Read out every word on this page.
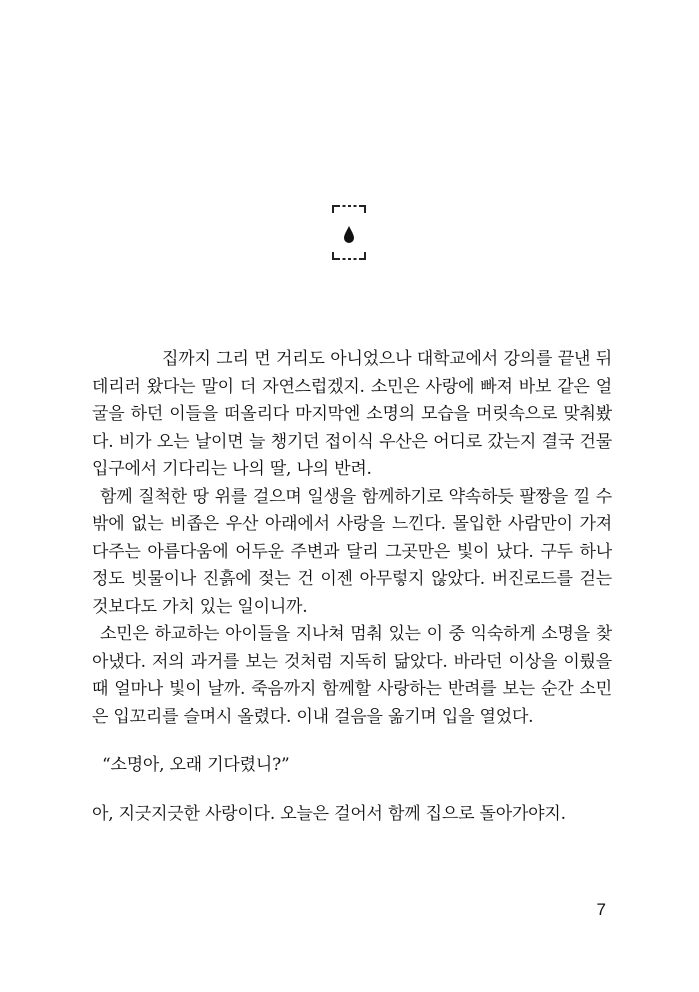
집까지 그리 먼 거리도 아니었으나 대학교에서 강의를 끝낸 뒤 데리러 왔다는 말이 더 자연스럽겠지. 소민은 사랑에 빠져 바보 같은 얼굴을 하던 이들을 떠올리다 마지막엔 소명의 모습을 머릿속으로 맞춰봤다. 비가 오는 날이면 늘 챙기던 접이식 우산은 어디로 갔는지 결국 건물 입구에서 기다리는 나의 딸, 나의 반려.

함께 질척한 땅 위를 걸으며 일생을 함께하기로 약속하듯 팔짱을 낄 수밖에 없는 비좁은 우산 아래에서 사랑을 느낀다. 몰입한 사람만이 가져다주는 아름다움에 어두운 주변과 달리 그곳만은 빛이 났다. 구두 하나 정도 빗물이나 진흙에 젖는 건 이젠 아무렇지 않았다. 버진로드를 걷는 것보다도 가치 있는 일이니까.

소민은 하교하는 아이들을 지나쳐 멈춰 있는 이 중 익숙하게 소명을 찾아냈다. 저의 과거를 보는 것처럼 지독히 닮았다. 바라던 이상을 이뤘을 때 얼마나 빛이 날까. 죽음까지 함께할 사랑하는 반려를 보는 순간 소민은 입꼬리를 슬며시 올렸다. 이내 걸음을 옮기며 입을 열었다.

“소명아, 오래 기다렸니?”

아, 지긋지긋한 사랑이다. 오늘은 걸어서 함께 집으로 돌아가야지.

7
